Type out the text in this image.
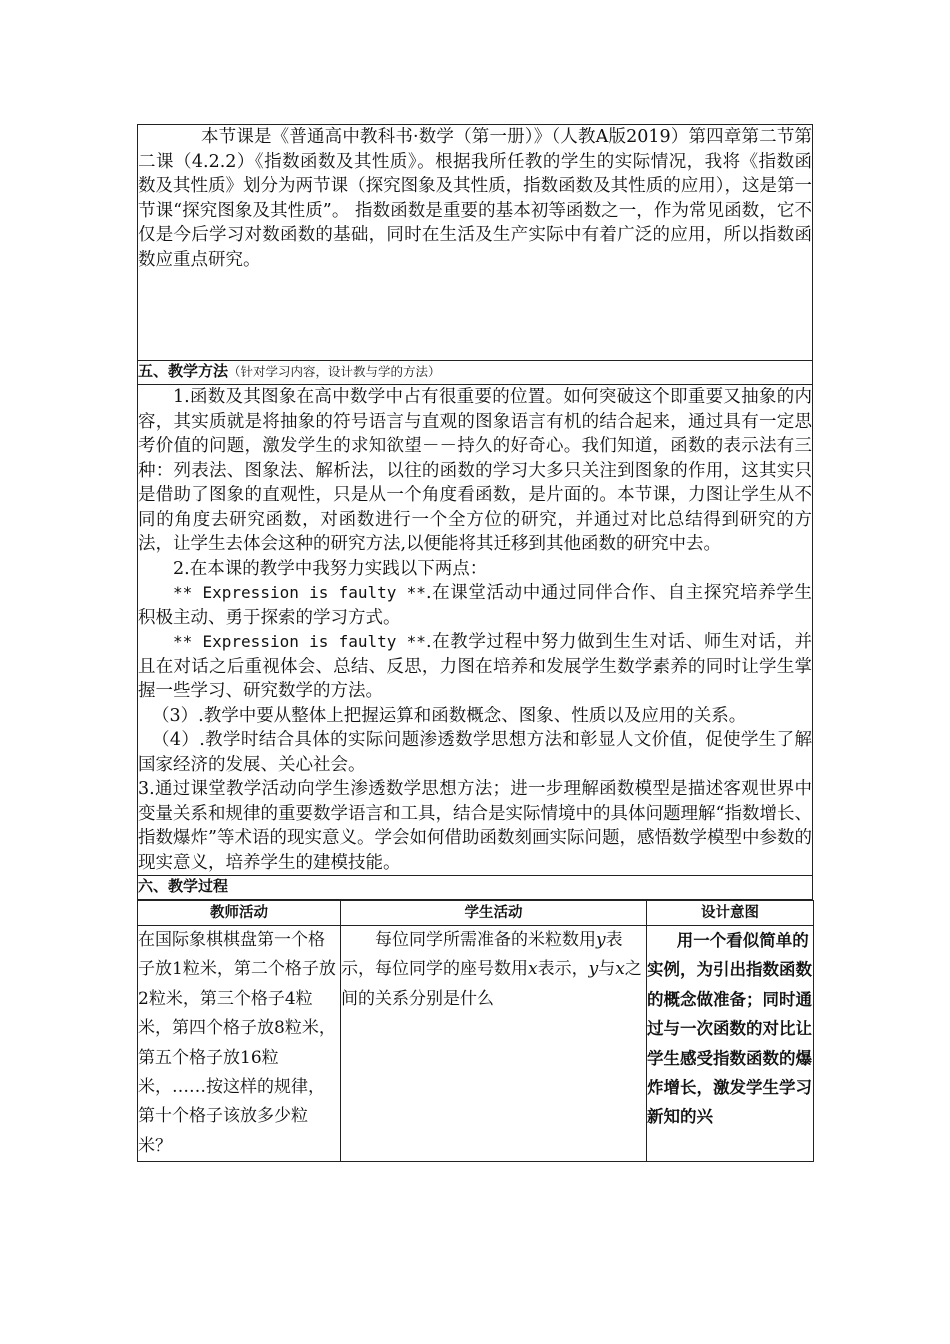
本节课是《普通高中教科书·数学（第一册）》（人教A版2019）第四章第二节第二课（4.2.2）《指数函数及其性质》。根据我所任教的学生的实际情况，我将《指数函数及其性质》划分为两节课（探究图象及其性质，指数函数及其性质的应用），这是第一节课“探究图象及其性质”。 指数函数是重要的基本初等函数之一，作为常见函数，它不仅是今后学习对数函数的基础，同时在生活及生产实际中有着广泛的应用，所以指数函数应重点研究。

五、教学方法（针对学习内容，设计教与学的方法）

1.函数及其图象在高中数学中占有很重要的位置。如何突破这个即重要又抽象的内容，其实质就是将抽象的符号语言与直观的图象语言有机的结合起来，通过具有一定思考价值的问题，激发学生的求知欲望－－持久的好奇心。我们知道，函数的表示法有三种：列表法、图象法、解析法，以往的函数的学习大多只关注到图象的作用，这其实只是借助了图象的直观性，只是从一个角度看函数，是片面的。本节课，力图让学生从不同的角度去研究函数，对函数进行一个全方位的研究，并通过对比总结得到研究的方法，让学生去体会这种的研究方法,以便能将其迁移到其他函数的研究中去。

2.在本课的教学中我努力实践以下两点：

** Expression is faulty **.在课堂活动中通过同伴合作、自主探究培养学生积极主动、勇于探索的学习方式。

** Expression is faulty **.在教学过程中努力做到生生对话、师生对话，并且在对话之后重视体会、总结、反思，力图在培养和发展学生数学素养的同时让学生掌握一些学习、研究数学的方法。

（3）.教学中要从整体上把握运算和函数概念、图象、性质以及应用的关系。

（4）.教学时结合具体的实际问题渗透数学思想方法和彰显人文价值，促使学生了解国家经济的发展、关心社会。

3.通过课堂教学活动向学生渗透数学思想方法；进一步理解函数模型是描述客观世界中变量关系和规律的重要数学语言和工具，结合是实际情境中的具体问题理解“指数增长、指数爆炸”等术语的现实意义。学会如何借助函数刻画实际问题，感悟数学模型中参数的现实意义，培养学生的建模技能。

六、教学过程
教师活动	学生活动	设计意图
在国际象棋棋盘第一个格子放1粒米，第二个格子放2粒米，第三个格子4粒米，第四个格子放8粒米，第五个格子放16粒米，……按这样的规律，第十个格子该放多少粒米？	每位同学所需准备的米粒数用y表示，每位同学的座号数用x表示，y与x之间的关系分别是什么	用一个看似简单的实例，为引出指数函数的概念做准备；同时通过与一次函数的对比让学生感受指数函数的爆炸增长，激发学生学习新知的兴
